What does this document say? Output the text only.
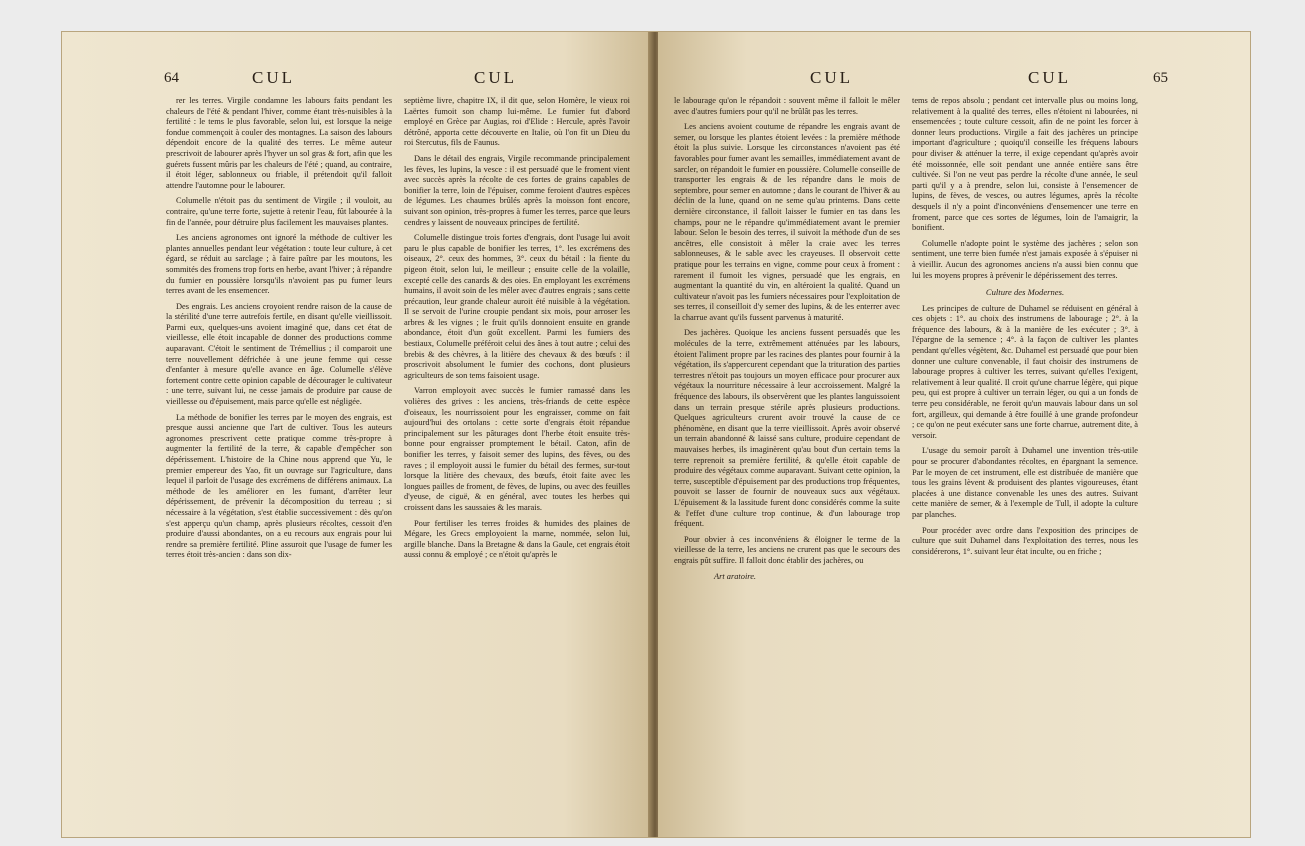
64	CUL	CUL

rer les terres. Virgile condamne les labours faits pendant les chaleurs de l'été & pendant l'hiver, comme étant très-nuisibles à la fertilité : le tems le plus favorable, selon lui, est lorsque la neige fondue commençoit à couler des montagnes. La saison des labours dépendoit encore de la qualité des terres. Le même auteur prescrivoit de labourer après l'hyver un sol gras & fort, afin que les guérets fussent mûris par les chaleurs de l'été ; quand, au contraire, il étoit léger, sablonneux ou friable, il prétendoit qu'il falloit attendre l'automne pour le labourer.

Columelle n'étoit pas du sentiment de Virgile ; il vouloit, au contraire, qu'une terre forte, sujette à retenir l'eau, fût labourée à la fin de l'année, pour détruire plus facilement les mauvaises plantes.

Les anciens agronomes ont ignoré la méthode de cultiver les plantes annuelles pendant leur végétation : toute leur culture, à cet égard, se réduit au sarclage ; à faire paître par les moutons, les sommités des fromens trop forts en herbe, avant l'hiver ; à répandre du fumier en poussière lorsqu'ils n'avoient pas pu fumer leurs terres avant de les ensemencer.

Des engrais. Les anciens croyoient rendre raison de la cause de la stérilité d'une terre autrefois fertile, en disant qu'elle vieillissoit. Parmi eux, quelques-uns avoient imaginé que, dans cet état de vieillesse, elle étoit incapable de donner des productions comme auparavant. C'étoit le sentiment de Trémellius ; il comparoit une terre nouvellement défrichée à une jeune femme qui cesse d'enfanter à mesure qu'elle avance en âge. Columelle s'élève fortement contre cette opinion capable de décourager le cultivateur : une terre, suivant lui, ne cesse jamais de produire par cause de vieillesse ou d'épuisement, mais parce qu'elle est négligée.

La méthode de bonifier les terres par le moyen des engrais, est presque aussi ancienne que l'art de cultiver. Tous les auteurs agronomes prescrivent cette pratique comme très-propre à augmenter la fertilité de la terre, & capable d'empêcher son dépérissement. L'histoire de la Chine nous apprend que Yu, le premier empereur des Yao, fit un ouvrage sur l'agriculture, dans lequel il parloit de l'usage des excrémens de différens animaux. La méthode de les améliorer en les fumant, d'arrêter leur dépérissement, de prévenir la décomposition du terreau ; si nécessaire à la végétation, s'est établie successivement : dès qu'on s'est apperçu qu'un champ, après plusieurs récoltes, cessoit d'en produire d'aussi abondantes, on a eu recours aux engrais pour lui rendre sa première fertilité. Pline assuroit que l'usage de fumer les terres étoit très-ancien : dans son dix-

septième livre, chapitre IX, il dit que, selon Homère, le vieux roi Laërtes fumoit son champ lui-même. Le fumier fut d'abord employé en Grèce par Augias, roi d'Elide : Hercule, après l'avoir détrôné, apporta cette découverte en Italie, où l'on fit un Dieu du roi Stercutus, fils de Faunus.

Dans le détail des engrais, Virgile recommande principalement les fèves, les lupins, la vesce : il est persuadé que le froment vient avec succès après la récolte de ces fortes de grains capables de bonifier la terre, loin de l'épuiser, comme feroient d'autres espèces de légumes. Les chaumes brûlés après la moisson font encore, suivant son opinion, très-propres à fumer les terres, parce que leurs cendres y laissent de nouveaux principes de fertilité.

Columelle distingue trois fortes d'engrais, dont l'usage lui avoit paru le plus capable de bonifier les terres, 1°. les excrémens des oiseaux, 2°. ceux des hommes, 3°. ceux du bétail : la fiente du pigeon étoit, selon lui, le meilleur ; ensuite celle de la volaille, excepté celle des canards & des oies. En employant les excrémens humains, il avoit soin de les mêler avec d'autres engrais ; sans cette précaution, leur grande chaleur auroit été nuisible à la végétation. Il se servoit de l'urine croupie pendant six mois, pour arroser les arbres & les vignes ; le fruit qu'ils donnoient ensuite en grande abondance, étoit d'un goût excellent. Parmi les fumiers des bestiaux, Columelle préféroit celui des ânes à tout autre ; celui des brebis & des chèvres, à la litière des chevaux & des bœufs : il proscrivoit absolument le fumier des cochons, dont plusieurs agriculteurs de son tems faisoient usage.

Varron employoit avec succès le fumier ramassé dans les volières des grives : les anciens, très-friands de cette espèce d'oiseaux, les nourrissoient pour les engraisser, comme on fait aujourd'hui des ortolans : cette sorte d'engrais étoit répandue principalement sur les pâturages dont l'herbe étoit ensuite très-bonne pour engraisser promptement le bétail. Caton, afin de bonifier les terres, y faisoit semer des lupins, des fèves, ou des raves ; il employoit aussi le fumier du bétail des fermes, sur-tout lorsque la litière des chevaux, des bœufs, étoit faite avec les longues pailles de froment, de fèves, de lupins, ou avec des feuilles d'yeuse, de ciguë, & en général, avec toutes les herbes qui croissent dans les saussaies & les marais.

Pour fertiliser les terres froides & humides des plaines de Mégare, les Grecs employoient la marne, nommée, selon lui, argille blanche. Dans la Bretagne & dans la Gaule, cet engrais étoit aussi connu & employé ; ce n'étoit qu'après le

CUL	CUL	65

le labourage qu'on le répandoit : souvent même il falloit le mêler avec d'autres fumiers pour qu'il ne brûlât pas les terres.

Les anciens avoient coutume de répandre les engrais avant de semer, ou lorsque les plantes étoient levées : la première méthode étoit la plus suivie. Lorsque les circonstances n'avoient pas été favorables pour fumer avant les semailles, immédiatement avant de sarcler, on répandoit le fumier en poussière. Columelle conseille de transporter les engrais & de les répandre dans le mois de septembre, pour semer en automne ; dans le courant de l'hiver & au déclin de la lune, quand on ne seme qu'au printems. Dans cette dernière circonstance, il falloit laisser le fumier en tas dans les champs, pour ne le répandre qu'immédiatement avant le premier labour. Selon le besoin des terres, il suivoit la méthode d'un de ses ancêtres, elle consistoit à mêler la craie avec les terres sablonneuses, & le sable avec les crayeuses. Il observoit cette pratique pour les terrains en vigne, comme pour ceux à froment : rarement il fumoit les vignes, persuadé que les engrais, en augmentant la quantité du vin, en altéroient la qualité. Quand un cultivateur n'avoit pas les fumiers nécessaires pour l'exploitation de ses terres, il conseilloit d'y semer des lupins, & de les enterrer avec la charrue avant qu'ils fussent parvenus à maturité.

Des jachères. Quoique les anciens fussent persuadés que les molécules de la terre, extrêmement atténuées par les labours, étoient l'aliment propre par les racines des plantes pour fournir à la végétation, ils s'appercurent cependant que la trituration des parties terrestres n'étoit pas toujours un moyen efficace pour procurer aux végétaux la nourriture nécessaire à leur accroissement. Malgré la fréquence des labours, ils observèrent que les plantes languissoient dans un terrain presque stérile après plusieurs productions. Quelques agriculteurs crurent avoir trouvé la cause de ce phénomène, en disant que la terre vieillissoit. Après avoir observé un terrain abandonné & laissé sans culture, produire cependant de mauvaises herbes, ils imaginèrent qu'au bout d'un certain tems la terre reprenoit sa première fertilité, & qu'elle étoit capable de produire des végétaux comme auparavant. Suivant cette opinion, la terre, susceptible d'épuisement par des productions trop fréquentes, pouvoit se lasser de fournir de nouveaux sucs aux végétaux. L'épuisement & la lassitude furent donc considérés comme la suite & l'effet d'une culture trop continue, & d'un labourage trop fréquent.

Pour obvier à ces inconvéniens & éloigner le terme de la vieillesse de la terre, les anciens ne crurent pas que le secours des engrais pût suffire. Il falloit donc établir des jachères, ou

Art aratoire.

tems de repos absolu ; pendant cet intervalle plus ou moins long, relativement à la qualité des terres, elles n'étoient ni labourées, ni ensemencées ; toute culture cessoit, afin de ne point les forcer à donner leurs productions. Virgile a fait des jachères un principe important d'agriculture ; quoiqu'il conseille les fréquens labours pour diviser & atténuer la terre, il exige cependant qu'après avoir été moissonnée, elle soit pendant une année entière sans être cultivée. Si l'on ne veut pas perdre la récolte d'une année, le seul parti qu'il y a à prendre, selon lui, consiste à l'ensemencer de lupins, de fèves, de vesces, ou autres légumes, après la récolte desquels il n'y a point d'inconvéniens d'ensemencer une terre en froment, parce que ces sortes de légumes, loin de l'amaigrir, la bonifient.

Columelle n'adopte point le système des jachères ; selon son sentiment, une terre bien fumée n'est jamais exposée à s'épuiser ni à vieillir. Aucun des agronomes anciens n'a aussi bien connu que lui les moyens propres à prévenir le dépérissement des terres.

Culture des Modernes.

Les principes de culture de Duhamel se réduisent en général à ces objets : 1°. au choix des instrumens de labourage ; 2°. à la fréquence des labours, & à la manière de les exécuter ; 3°. à l'épargne de la semence ; 4°. à la façon de cultiver les plantes pendant qu'elles végètent, &c. Duhamel est persuadé que pour bien donner une culture convenable, il faut choisir des instrumens de labourage propres à cultiver les terres, suivant qu'elles l'exigent, relativement à leur qualité. Il croit qu'une charrue légère, qui pique peu, qui est propre à cultiver un terrain léger, ou qui a un fonds de terre peu considérable, ne feroit qu'un mauvais labour dans un sol fort, argilleux, qui demande à être fouillé à une grande profondeur ; ce qu'on ne peut exécuter sans une forte charrue, autrement dite, à versoir.

L'usage du semoir paroît à Duhamel une invention très-utile pour se procurer d'abondantes récoltes, en épargnant la semence. Par le moyen de cet instrument, elle est distribuée de manière que tous les grains lèvent & produisent des plantes vigoureuses, étant placées à une distance convenable les unes des autres. Suivant cette manière de semer, & à l'exemple de Tull, il adopte la culture par planches.

Pour procéder avec ordre dans l'exposition des principes de culture que suit Duhamel dans l'exploitation des terres, nous les considérerons, 1°. suivant leur état inculte, ou en friche ;
